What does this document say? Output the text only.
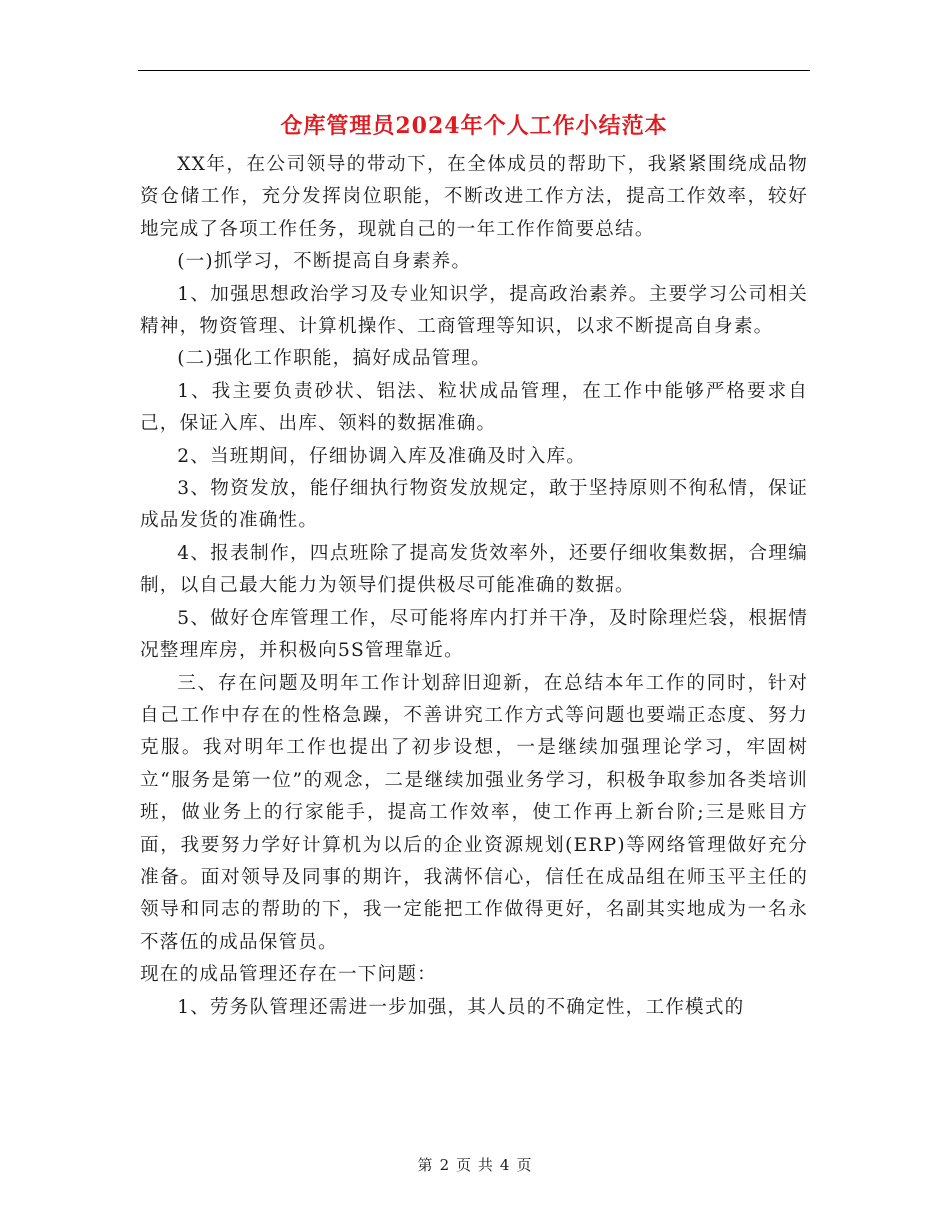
仓库管理员2024年个人工作小结范本

XX年，在公司领导的带动下，在全体成员的帮助下，我紧紧围绕成品物资仓储工作，充分发挥岗位职能，不断改进工作方法，提高工作效率，较好地完成了各项工作任务，现就自己的一年工作作简要总结。

(一)抓学习，不断提高自身素养。

1、加强思想政治学习及专业知识学，提高政治素养。主要学习公司相关精神，物资管理、计算机操作、工商管理等知识，以求不断提高自身素。

(二)强化工作职能，搞好成品管理。

1、我主要负责砂状、铝法、粒状成品管理，在工作中能够严格要求自己，保证入库、出库、领料的数据准确。

2、当班期间，仔细协调入库及准确及时入库。

3、物资发放，能仔细执行物资发放规定，敢于坚持原则不徇私情，保证成品发货的准确性。

4、报表制作，四点班除了提高发货效率外，还要仔细收集数据，合理编制，以自己最大能力为领导们提供极尽可能准确的数据。

5、做好仓库管理工作，尽可能将库内打并干净，及时除理烂袋，根据情况整理库房，并积极向5S管理靠近。

三、存在问题及明年工作计划辞旧迎新，在总结本年工作的同时，针对自己工作中存在的性格急躁，不善讲究工作方式等问题也要端正态度、努力克服。我对明年工作也提出了初步设想，一是继续加强理论学习，牢固树立“服务是第一位”的观念，二是继续加强业务学习，积极争取参加各类培训班，做业务上的行家能手，提高工作效率，使工作再上新台阶;三是账目方面，我要努力学好计算机为以后的企业资源规划(ERP)等网络管理做好充分准备。面对领导及同事的期许，我满怀信心，信任在成品组在师玉平主任的领导和同志的帮助的下，我一定能把工作做得更好，名副其实地成为一名永不落伍的成品保管员。

现在的成品管理还存在一下问题：

1、劳务队管理还需进一步加强，其人员的不确定性，工作模式的

第 2 页 共 4 页
